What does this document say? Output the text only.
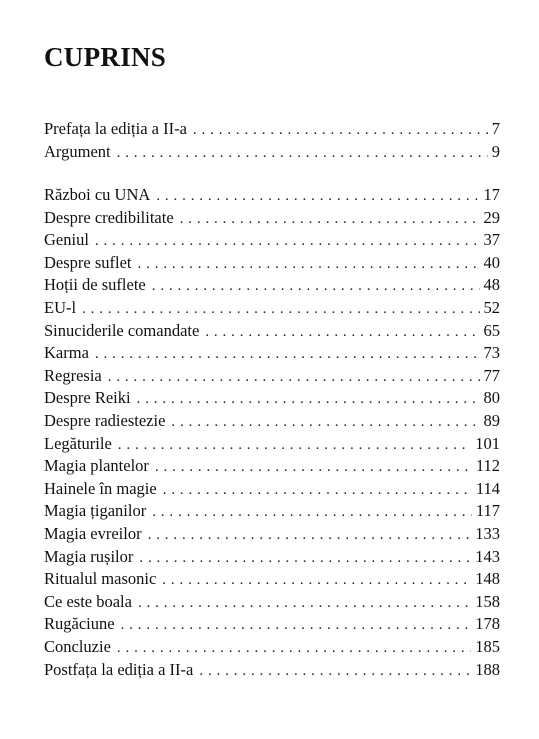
CUPRINS
Prefața la ediția a II-a . . .	7
Argument . . .	9
Război cu UNA . . .	17
Despre credibilitate . . .	29
Geniul . . .	37
Despre suflet . . .	40
Hoții de suflete . . .	48
EU-l . . .	52
Sinuciderile comandate . . .	65
Karma . . .	73
Regresia . . .	77
Despre Reiki . . .	80
Despre radiestezie . . .	89
Legăturile . . .	101
Magia plantelor . . .	112
Hainele în magie . . .	114
Magia țiganilor . . .	117
Magia evreilor . . .	133
Magia rușilor . . .	143
Ritualul masonic . . .	148
Ce este boala . . .	158
Rugăciune . . .	178
Concluzie . . .	185
Postfața la ediția a II-a . . .	188
